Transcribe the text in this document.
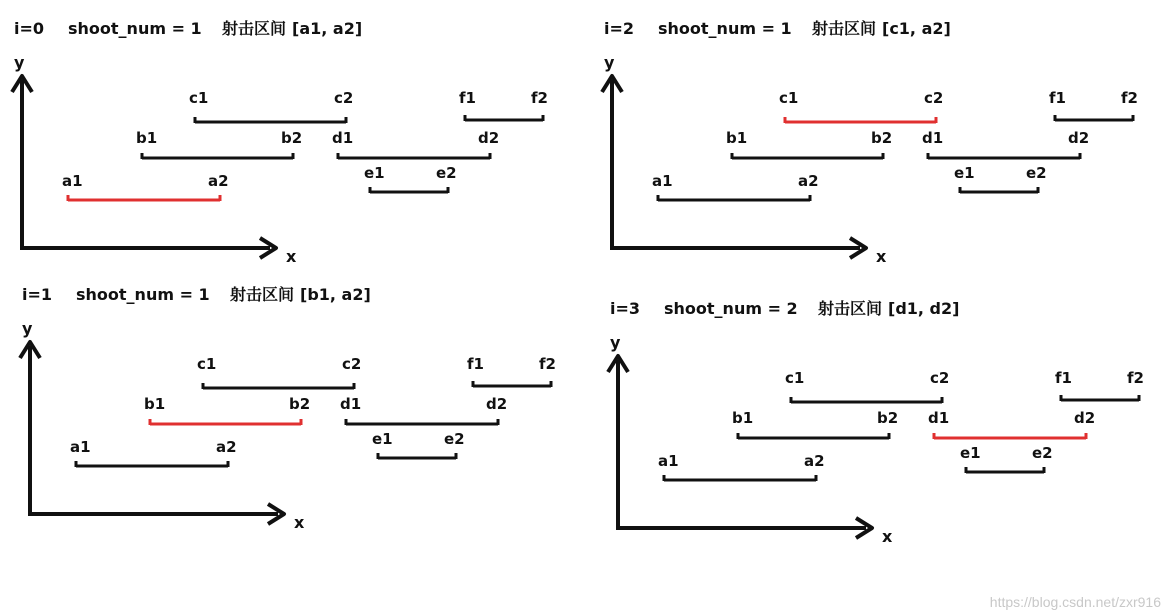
i=0 shoot_num = 1 射击区间 [a1, a2]
y
x
a1	a2
b1	b2
c1	c2
d1	d2
e1	e2
f1	f2
i=2 shoot_num = 1 射击区间 [c1, a2]
y
x
a1	a2
b1	b2
c1	c2
d1	d2
e1	e2
f1	f2
i=1 shoot_num = 1 射击区间 [b1, a2]
y
x
a1	a2
b1	b2
c1	c2
d1	d2
e1	e2
f1	f2
i=3 shoot_num = 2 射击区间 [d1, d2]
y
x
a1	a2
b1	b2
c1	c2
d1	d2
e1	e2
f1	f2
https://blog.csdn.net/zxr916
